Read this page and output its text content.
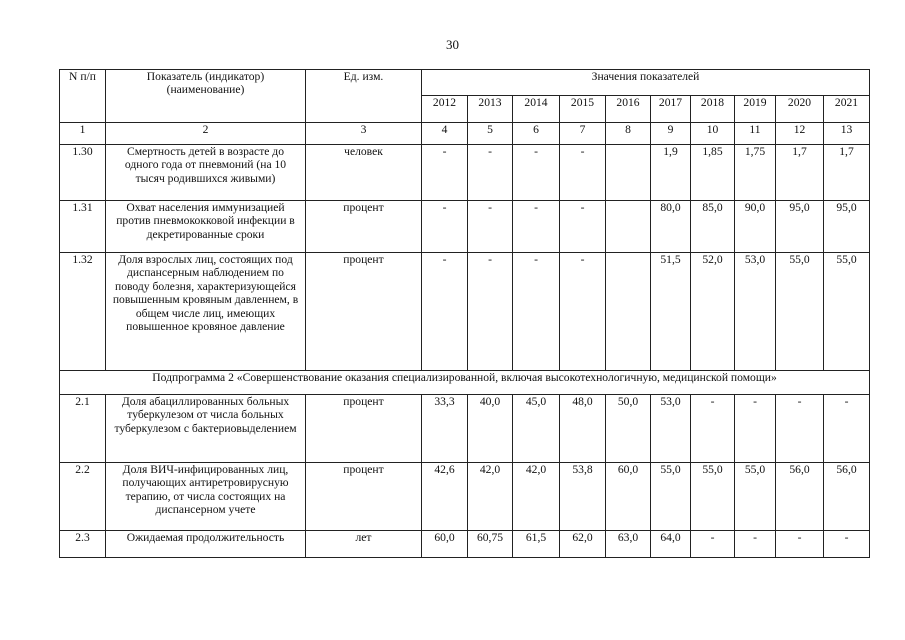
30
N п/п	Показатель (индикатор) (наименование)	Ед. изм.	Значения показателей									
			2012	2013	2014	2015	2016	2017	2018	2019	2020	2021
1	2	3	4	5	6	7	8	9	10	11	12	13
1.30	Смертность детей в возрасте до одного года от пневмоний (на 10 тысяч родившихся живыми)	человек	-	-	-	-		1,9	1,85	1,75	1,7	1,7
1.31	Охват населения иммунизацией против пневмококковой инфекции в декретированные сроки	процент	-	-	-	-		80,0	85,0	90,0	95,0	95,0
1.32	Доля взрослых лиц, состоящих под диспансерным наблюдением по поводу болезня, характеризующейся повышенным кровяным давленнем, в общем числе лиц, имеющих повышенное кровяное давление	процент	-	-	-	-		51,5	52,0	53,0	55,0	55,0
Подпрограмма 2 «Совершенствование оказания специализированной, включая высокотехнологичную, медицинской помощи»												
2.1	Доля абациллированных больных туберкулезом от числа больных туберкулезом с бактериовыделением	процент	33,3	40,0	45,0	48,0	50,0	53,0	-	-	-	-
2.2	Доля ВИЧ-инфицированных лиц, получающих антиретровирусную терапию, от числа состоящих на диспансерном учете	процент	42,6	42,0	42,0	53,8	60,0	55,0	55,0	55,0	56,0	56,0
2.3	Ожидаемая продолжительность	лет	60,0	60,75	61,5	62,0	63,0	64,0	-	-	-	-
